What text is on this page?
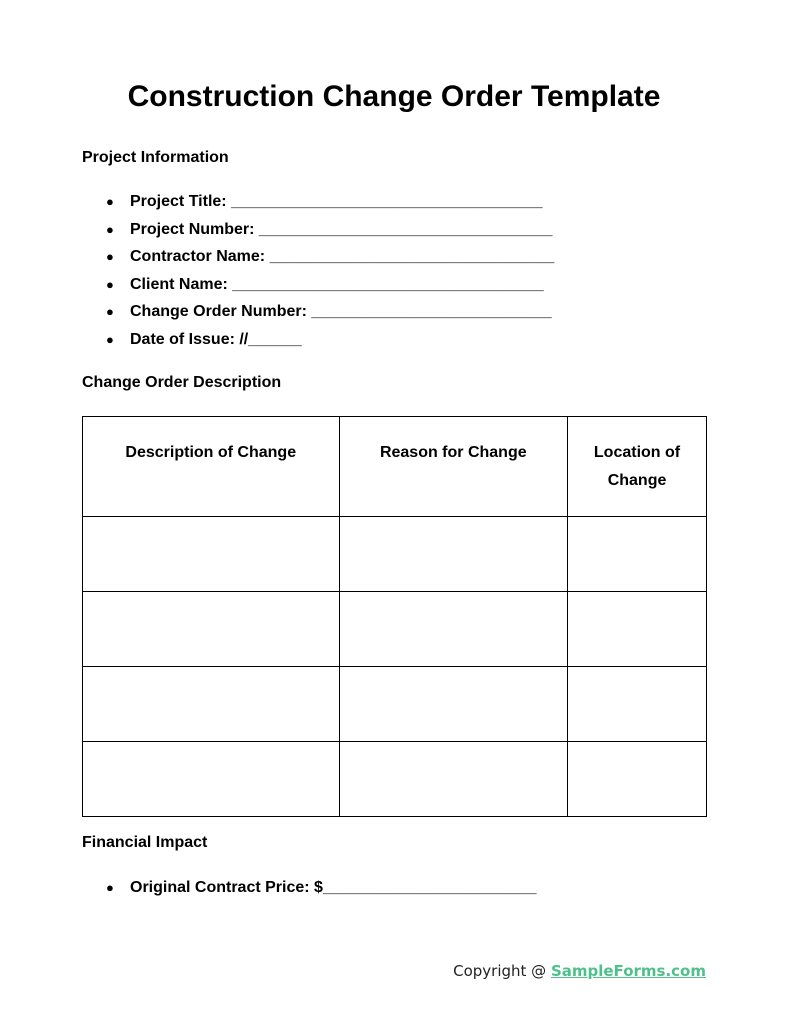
Construction Change Order Template
Project Information
● Project Title: ___________________________________
● Project Number: _________________________________
● Contractor Name: ________________________________
● Client Name: ___________________________________
● Change Order Number: ___________________________
● Date of Issue: //______
Change Order Description
Description of Change	Reason for Change	Location of Change

Financial Impact
● Original Contract Price: $________________________
Copyright @ SampleForms.com
